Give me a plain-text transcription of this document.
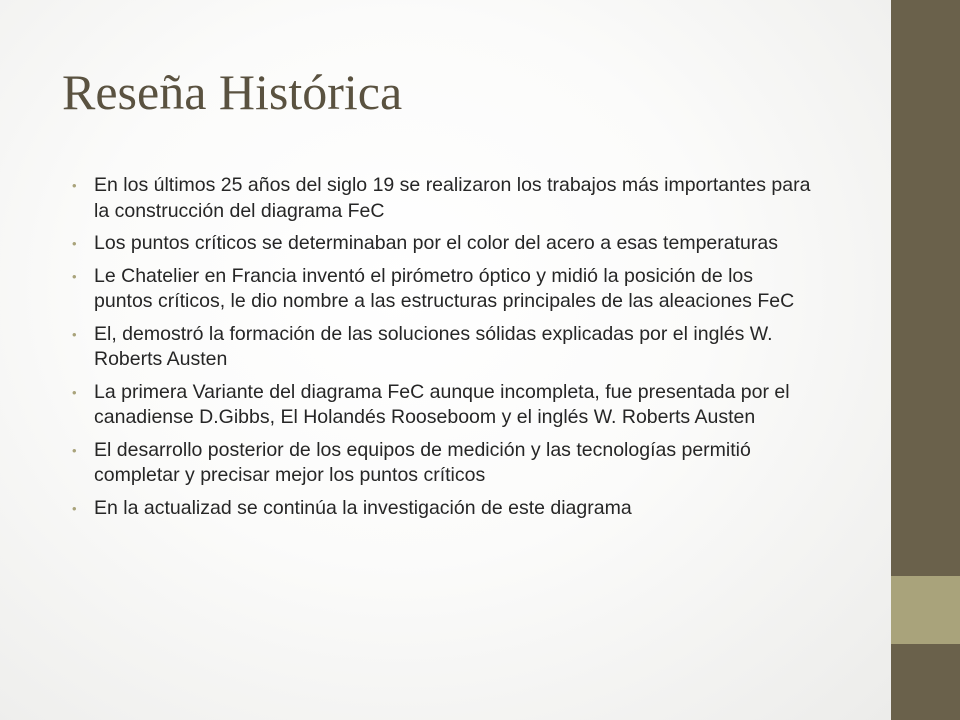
Reseña Histórica
• En los últimos 25 años del siglo 19 se realizaron los trabajos más importantes para la construcción del diagrama FeC
• Los puntos críticos se determinaban por el color del acero a esas temperaturas
• Le Chatelier en Francia inventó el pirómetro óptico y midió la posición de los puntos críticos, le dio nombre a las estructuras principales de las aleaciones FeC
• El, demostró la formación de las soluciones sólidas explicadas por el inglés W. Roberts Austen
• La primera Variante del diagrama FeC aunque incompleta, fue presentada por el canadiense D.Gibbs, El Holandés Rooseboom y el inglés W. Roberts Austen
• El desarrollo posterior de los equipos de medición y las tecnologías permitió completar y precisar mejor los puntos críticos
• En la actualizad se continúa la investigación de este diagrama
